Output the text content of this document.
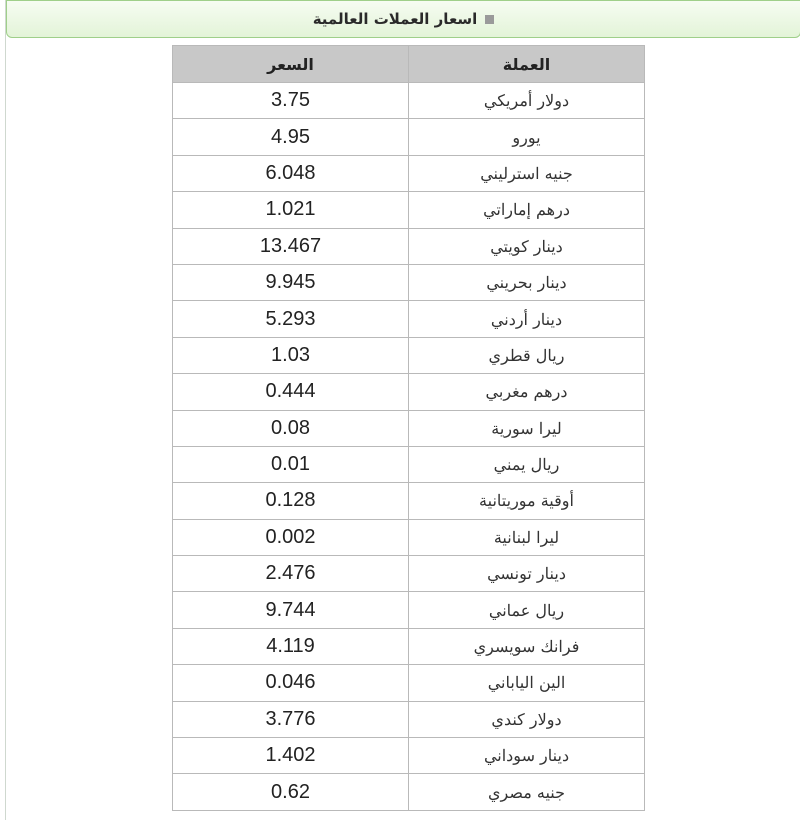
اسعار العملات العالمية
السعر	العملة
3.75	دولار أمريكي
4.95	يورو
6.048	جنيه استرليني
1.021	درهم إماراتي
13.467	دينار كويتي
9.945	دينار بحريني
5.293	دينار أردني
1.03	ريال قطري
0.444	درهم مغربي
0.08	ليرا سورية
0.01	ريال يمني
0.128	أوقية موريتانية
0.002	ليرا لبنانية
2.476	دينار تونسي
9.744	ريال عماني
4.119	فرانك سويسري
0.046	الين الياباني
3.776	دولار كندي
1.402	دينار سوداني
0.62	جنيه مصري
